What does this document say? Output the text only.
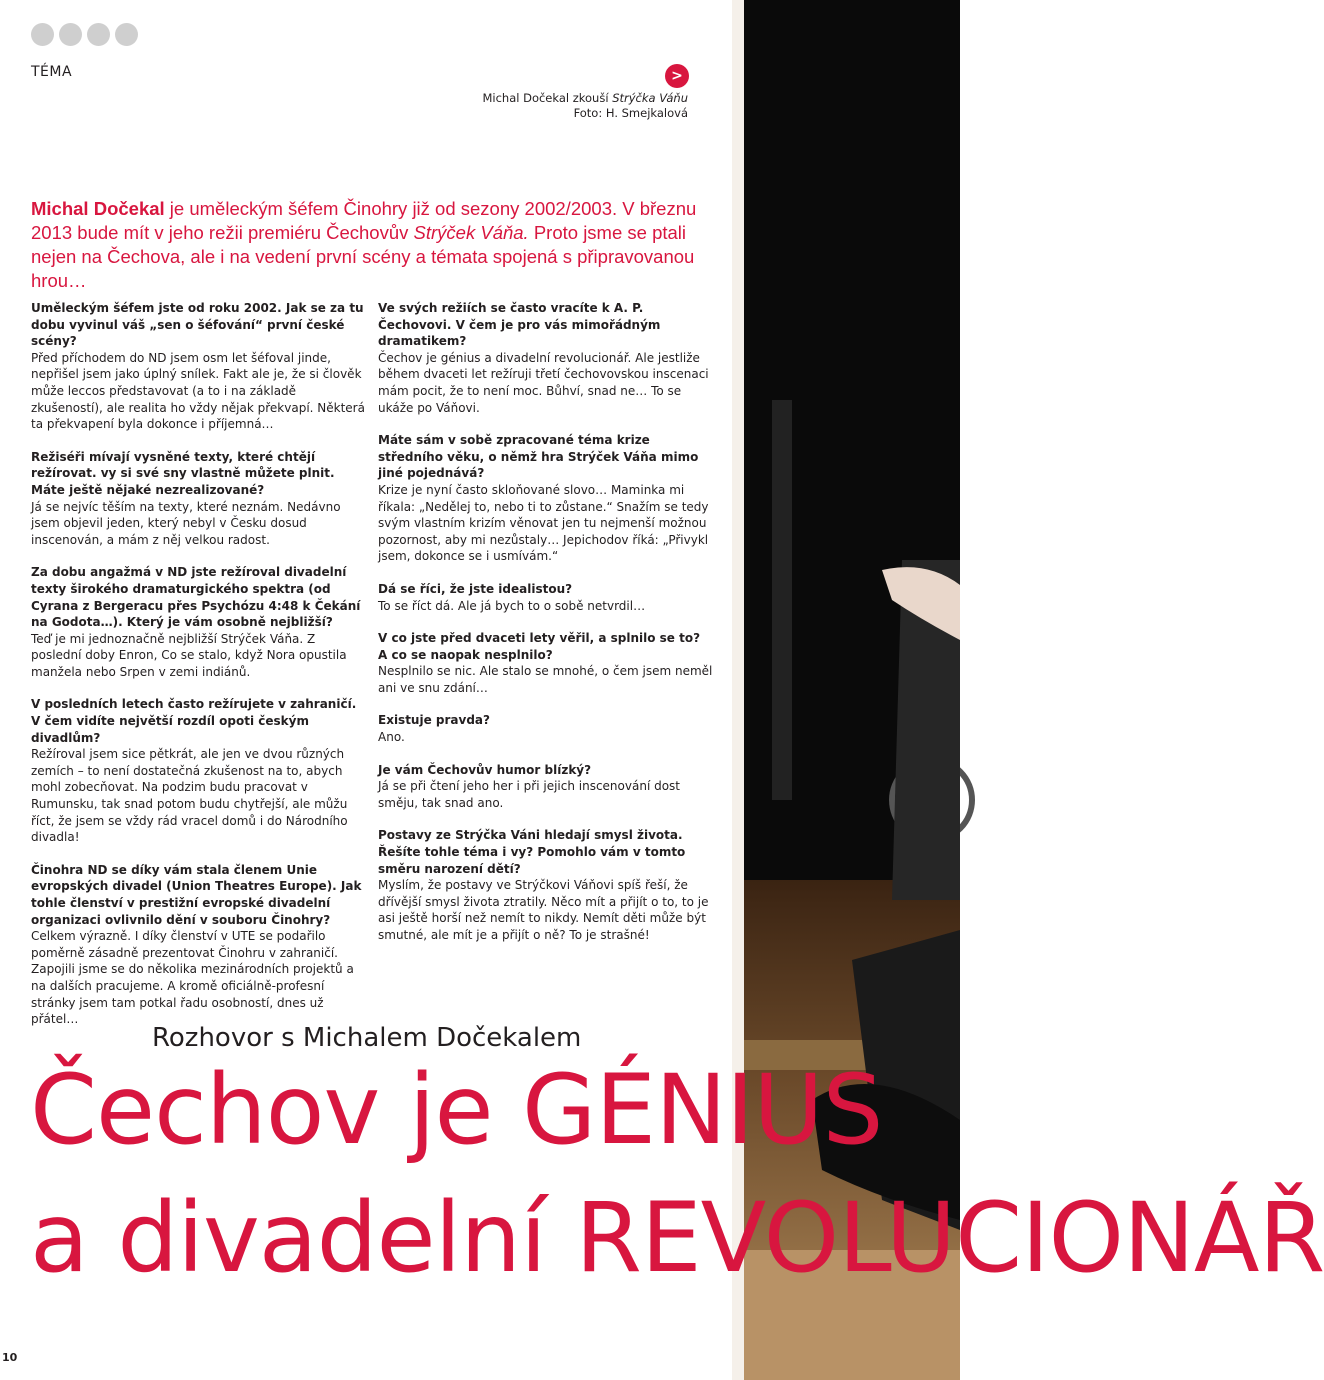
TÉMA	>
Michal Dočekal zkouší Strýčka Váňu
Foto: H. Smejkalová
Michal Dočekal je uměleckým šéfem Činohry již od sezony 2002/2003. V březnu 2013 bude mít v jeho režii premiéru Čechovův Strýček Váňa. Proto jsme se ptali nejen na Čechova, ale i na vedení první scény a témata spojená s připravovanou hrou…

Uměleckým šéfem jste od roku 2002. Jak se za tu dobu vyvinul váš „sen o šéfování“ první české scény?
Před příchodem do ND jsem osm let šéfoval jinde, nepřišel jsem jako úplný snílek. Fakt ale je, že si člověk může leccos představovat (a to i na základě zkušeností), ale realita ho vždy nějak překvapí. Některá ta překvapení byla dokonce i příjemná…

Režiséři mívají vysněné texty, které chtějí režírovat. vy si své sny vlastně můžete plnit. Máte ještě nějaké nezrealizované?
Já se nejvíc těším na texty, které neznám. Nedávno jsem objevil jeden, který nebyl v Česku dosud inscenován, a mám z něj velkou radost.

Za dobu angažmá v ND jste režíroval divadelní texty širokého dramaturgického spektra (od Cyrana z Bergeracu přes Psychózu 4:48 k Čekání na Godota…). Který je vám osobně nejbližší?
Teď je mi jednoznačně nejbližší Strýček Váňa. Z poslední doby Enron, Co se stalo, když Nora opustila manžela nebo Srpen v zemi indiánů.

V posledních letech často režírujete v zahraničí. V čem vidíte největší rozdíl opoti českým divadlům?
Režíroval jsem sice pětkrát, ale jen ve dvou různých zemích – to není dostatečná zkušenost na to, abych mohl zobecňovat. Na podzim budu pracovat v Rumunsku, tak snad potom budu chytřejší, ale můžu říct, že jsem se vždy rád vracel domů i do Národního divadla!

Činohra ND se díky vám stala členem Unie evropských divadel (Union Theatres Europe). Jak tohle členství v prestižní evropské divadelní organizaci ovlivnilo dění v souboru Činohry?
Celkem výrazně. I díky členství v UTE se podařilo poměrně zásadně prezentovat Činohru v zahraničí. Zapojili jsme se do několika mezinárodních projektů a na dalších pracujeme. A kromě oficiálně-profesní stránky jsem tam potkal řadu osobností, dnes už přátel…

Ve svých režiích se často vracíte k A. P. Čechovovi. V čem je pro vás mimořádným dramatikem?
Čechov je génius a divadelní revolucionář. Ale jestliže během dvaceti let režíruji třetí čechovovskou inscenaci mám pocit, že to není moc. Bůhví, snad ne… To se ukáže po Váňovi.

Máte sám v sobě zpracované téma krize středního věku, o němž hra Strýček Váňa mimo jiné pojednává?
Krize je nyní často skloňované slovo… Maminka mi říkala: „Nedělej to, nebo ti to zůstane.“ Snažím se tedy svým vlastním krizím věnovat jen tu nejmenší možnou pozornost, aby mi nezůstaly… Jepichodov říká: „Přivykl jsem, dokonce se i usmívám.“

Dá se říci, že jste idealistou?
To se říct dá. Ale já bych to o sobě netvrdil…

V co jste před dvaceti lety věřil, a splnilo se to? A co se naopak nesplnilo?
Nesplnilo se nic. Ale stalo se mnohé, o čem jsem neměl ani ve snu zdání…

Existuje pravda?
Ano.

Je vám Čechovův humor blízký?
Já se při čtení jeho her i při jejich inscenování dost směju, tak snad ano.

Postavy ze Strýčka Váni hledají smysl života. Řešíte tohle téma i vy? Pomohlo vám v tomto směru narození dětí?
Myslím, že postavy ve Strýčkovi Váňovi spíš řeší, že dřívější smysl života ztratily. Něco mít a přijít o to, to je asi ještě horší než nemít to nikdy. Nemít děti může být smutné, ale mít je a přijít o ně? To je strašné!

Rozhovor s Michalem Dočekalem
Čechov je GÉNIUS
a divadelní REVOLUCIONÁŘ
10
